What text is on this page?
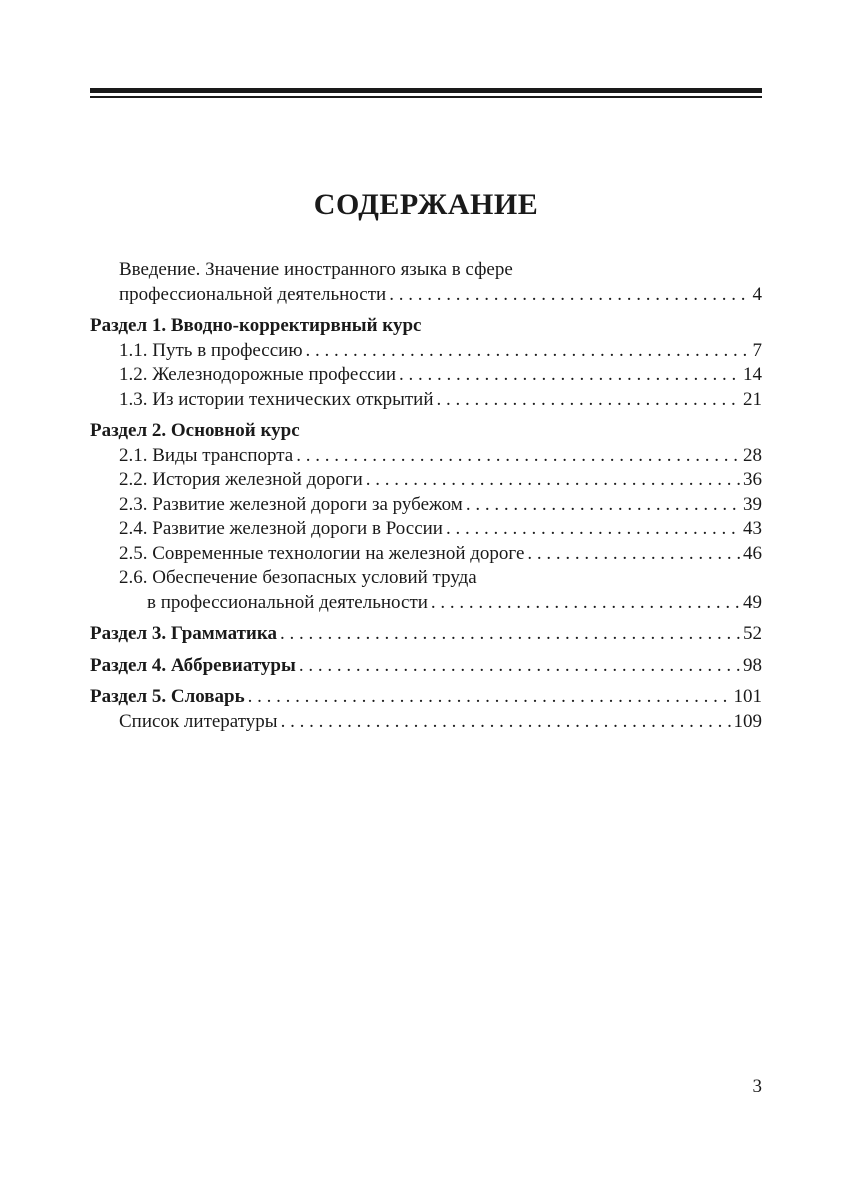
СОДЕРЖАНИЕ
Введение. Значение иностранного языка в сфере
профессиональной деятельности . . .	4
Раздел 1. Вводно-корректирвный курс
1.1. Путь в профессию . . .	7
1.2. Железнодорожные профессии . . .	14
1.3. Из истории технических открытий . . .	21
Раздел 2. Основной курс
2.1. Виды транспорта . . .	28
2.2. История железной дороги . . .	36
2.3. Развитие железной дороги за рубежом . . .	39
2.4. Развитие железной дороги в России . . .	43
2.5. Современные технологии на железной дороге . . .	46
2.6. Обеспечение безопасных условий труда
в профессиональной деятельности . . .	49
Раздел 3. Грамматика . . .	52
Раздел 4. Аббревиатуры . . .	98
Раздел 5. Словарь . . .	101
Список литературы . . .	109
3
